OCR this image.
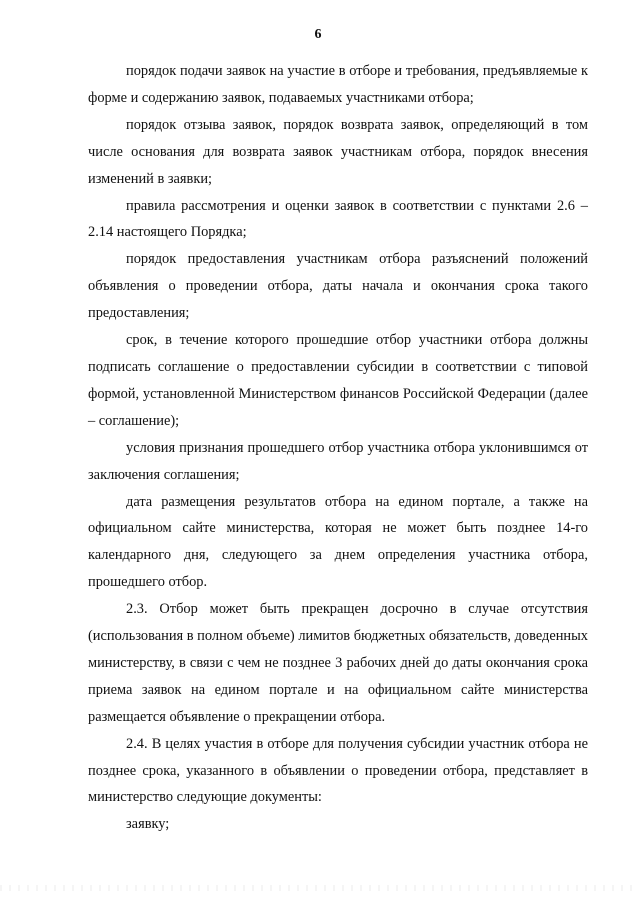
6

порядок подачи заявок на участие в отборе и требования, предъявляемые к форме и содержанию заявок, подаваемых участниками отбора;

порядок отзыва заявок, порядок возврата заявок, определяющий в том числе основания для возврата заявок участникам отбора, порядок внесения изменений в заявки;

правила рассмотрения и оценки заявок в соответствии с пунктами 2.6 – 2.14 настоящего Порядка;

порядок предоставления участникам отбора разъяснений положений объявления о проведении отбора, даты начала и окончания срока такого предоставления;

срок, в течение которого прошедшие отбор участники отбора должны подписать соглашение о предоставлении субсидии в соответствии с типовой формой, установленной Министерством финансов Российской Федерации (далее – соглашение);

условия признания прошедшего отбор участника отбора уклонившимся от заключения соглашения;

дата размещения результатов отбора на едином портале, а также на официальном сайте министерства, которая не может быть позднее 14-го календарного дня, следующего за днем определения участника отбора, прошедшего отбор.

2.3. Отбор может быть прекращен досрочно в случае отсутствия (использования в полном объеме) лимитов бюджетных обязательств, доведенных министерству, в связи с чем не позднее 3 рабочих дней до даты окончания срока приема заявок на едином портале и на официальном сайте министерства размещается объявление о прекращении отбора.

2.4. В целях участия в отборе для получения субсидии участник отбора не позднее срока, указанного в объявлении о проведении отбора, представляет в министерство следующие документы:

заявку;
